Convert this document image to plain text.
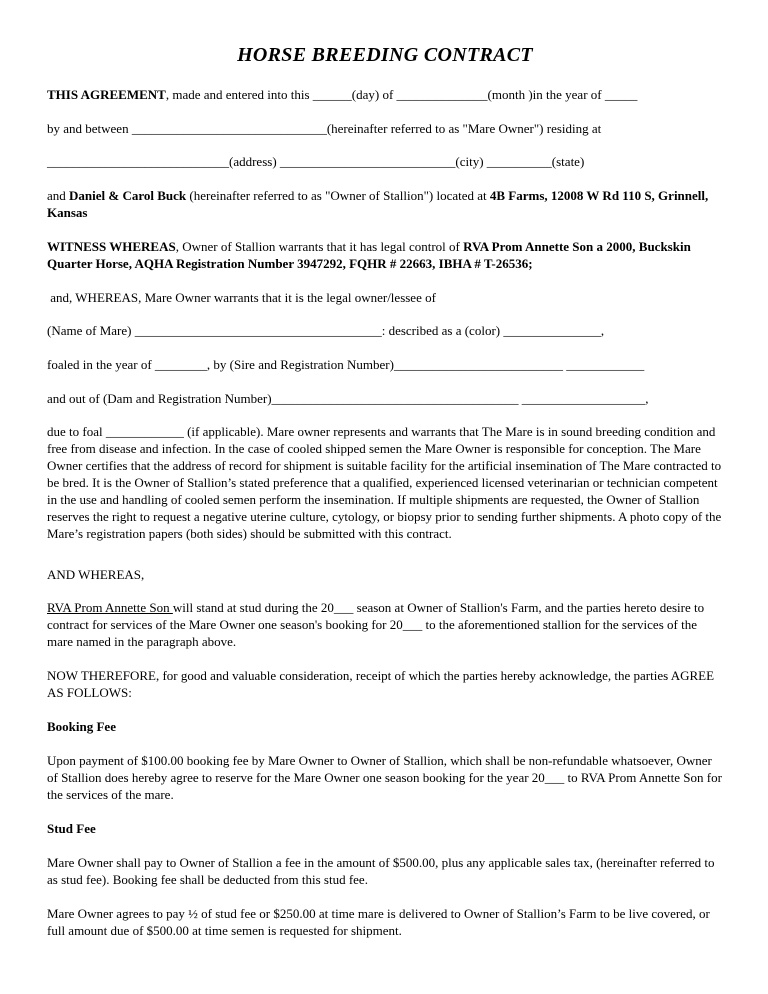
HORSE BREEDING CONTRACT
THIS AGREEMENT, made and entered into this ______(day) of ______________(month )in the year of _____
by and between ______________________________(hereinafter referred to as "Mare Owner") residing at
____________________________(address) ___________________________(city) __________(state)
and Daniel & Carol Buck (hereinafter referred to as "Owner of Stallion") located at 4B Farms, 12008 W Rd 110 S, Grinnell, Kansas
WITNESS WHEREAS, Owner of Stallion warrants that it has legal control of RVA Prom Annette Son a 2000, Buckskin Quarter Horse, AQHA Registration Number 3947292, FQHR # 22663, IBHA # T-26536;
and, WHEREAS, Mare Owner warrants that it is the legal owner/lessee of
(Name of Mare) ______________________________________: described as a (color) _______________,
foaled in the year of ________, by (Sire and Registration Number)__________________________ ____________
and out of (Dam and Registration Number)______________________________________ ___________________,
due to foal ____________ (if applicable). Mare owner represents and warrants that The Mare is in sound breeding condition and free from disease and infection. In the case of cooled shipped semen the Mare Owner is responsible for conception. The Mare Owner certifies that the address of record for shipment is suitable facility for the artificial insemination of The Mare contracted to be bred. It is the Owner of Stallion’s stated preference that a qualified, experienced licensed veterinarian or technician competent in the use and handling of cooled semen perform the insemination. If multiple shipments are requested, the Owner of Stallion reserves the right to request a negative uterine culture, cytology, or biopsy prior to sending further shipments. A photo copy of the Mare’s registration papers (both sides) should be submitted with this contract.
AND WHEREAS,
RVA Prom Annette Son will stand at stud during the 20___ season at Owner of Stallion's Farm, and the parties hereto desire to contract for services of the Mare Owner one season's booking for 20___ to the aforementioned stallion for the services of the mare named in the paragraph above.
NOW THEREFORE, for good and valuable consideration, receipt of which the parties hereby acknowledge, the parties AGREE AS FOLLOWS:
Booking Fee
Upon payment of $100.00 booking fee by Mare Owner to Owner of Stallion, which shall be non-refundable whatsoever, Owner of Stallion does hereby agree to reserve for the Mare Owner one season booking for the year 20___ to RVA Prom Annette Son for the services of the mare.
Stud Fee
Mare Owner shall pay to Owner of Stallion a fee in the amount of $500.00, plus any applicable sales tax, (hereinafter referred to as stud fee). Booking fee shall be deducted from this stud fee.
Mare Owner agrees to pay ½ of stud fee or $250.00 at time mare is delivered to Owner of Stallion’s Farm to be live covered, or full amount due of $500.00 at time semen is requested for shipment.
